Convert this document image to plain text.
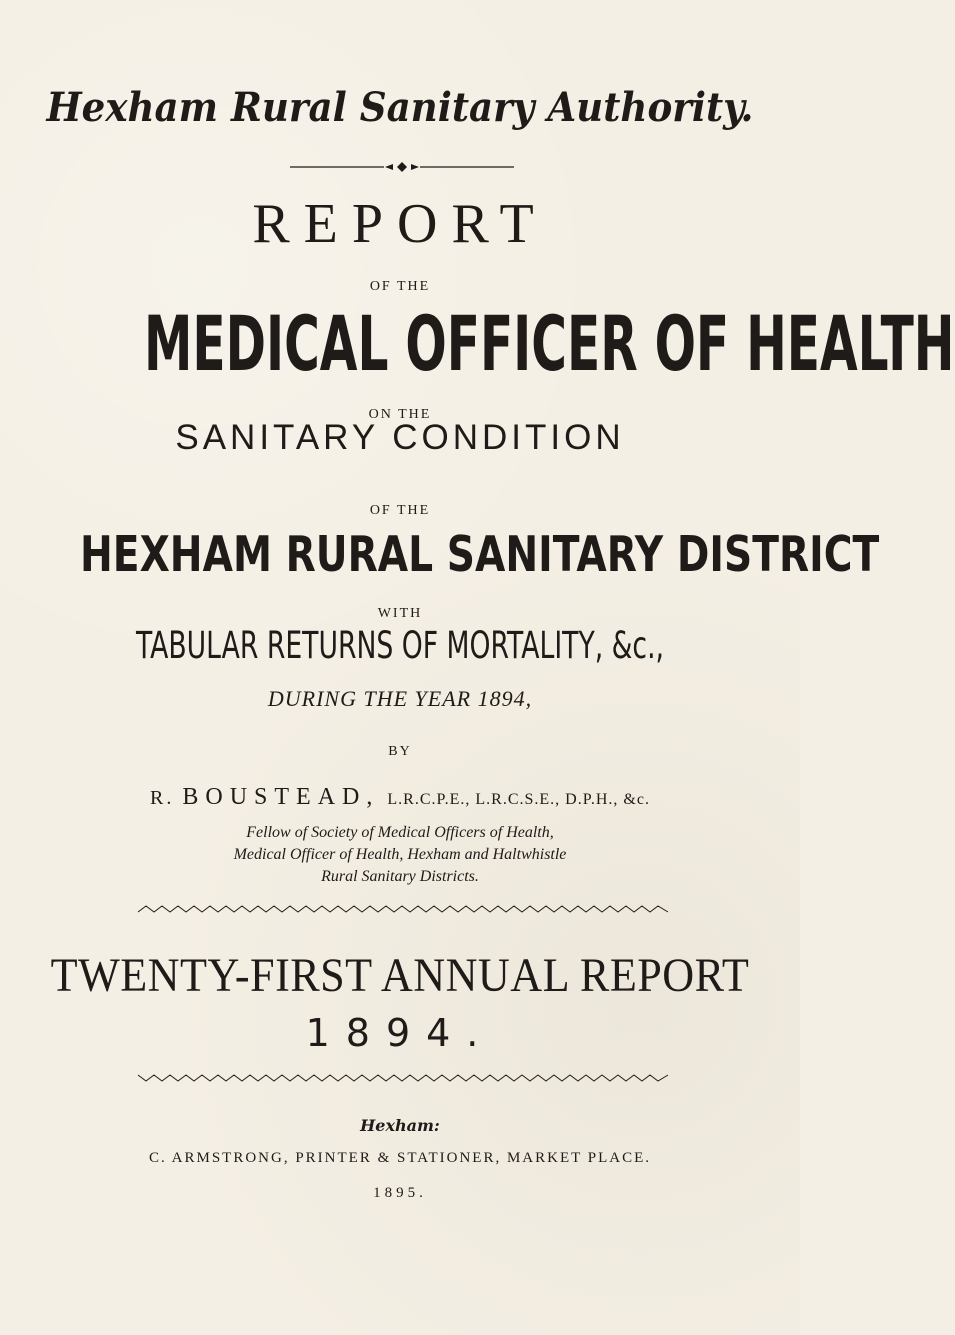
Hexham Rural Sanitary Authority.
REPORT
OF THE
MEDICAL OFFICER OF HEALTH
ON THE
SANITARY CONDITION
OF THE
HEXHAM RURAL SANITARY DISTRICT
WITH
TABULAR RETURNS OF MORTALITY, &c.,
DURING THE YEAR 1894,
BY
R. BOUSTEAD, L.R.C.P.E., L.R.C.S.E., D.P.H., &c.
Fellow of Society of Medical Officers of Health,
Medical Officer of Health, Hexham and Haltwhistle
Rural Sanitary Districts.
TWENTY-FIRST ANNUAL REPORT
1894.
Hexham:
C. ARMSTRONG, PRINTER & STATIONER, MARKET PLACE.
1895.
